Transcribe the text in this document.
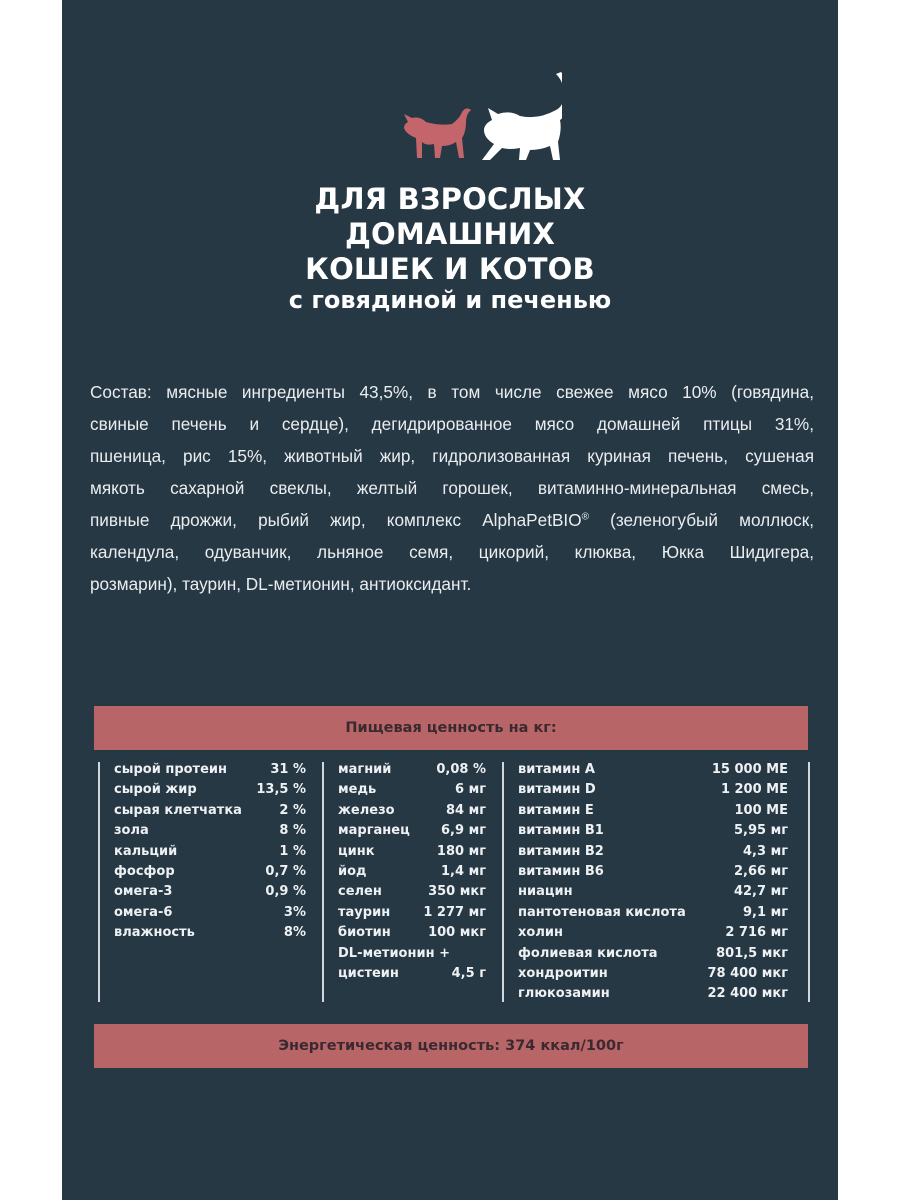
ДЛЯ ВЗРОСЛЫХ
ДОМАШНИХ
КОШЕК И КОТОВ
с говядиной и печенью
Состав: мясные ингредиенты 43,5%, в том числе свежее мясо 10% (говядина,
свиные печень и сердце), дегидрированное мясо домашней птицы 31%,
пшеница, рис 15%, животный жир, гидролизованная куриная печень, сушеная
мякоть сахарной свеклы, желтый горошек, витаминно-минеральная смесь,
пивные дрожжи, рыбий жир, комплекс AlphaPetBIO® (зеленогубый моллюск,
календула, одуванчик, льняное семя, цикорий, клюква, Юкка Шидигера,
розмарин), таурин, DL-метионин, антиоксидант.
Пищевая ценность на кг:
сырой протеин	31 %
сырой жир	13,5 %
сырая клетчатка	2 %
зола	8 %
кальций	1 %
фосфор	0,7 %
омега-3	0,9 %
омега-6	3%
влажность	8%
магний	0,08 %
медь	6 мг
железо	84 мг
марганец 6,9 мг
цинк	180 мг
йод	1,4 мг
селен	350 мкг
таурин	1 277 мг
биотин	100 мкг
DL-метионин +
цистеин	4,5 г
витамин А	15 000 МЕ
витамин D	1 200 МЕ
витамин Е	100 МЕ
витамин В1	5,95 мг
витамин В2	4,3 мг
витамин В6	2,66 мг
ниацин	42,7 мг
пантотеновая кислота	9,1 мг
холин	2 716 мг
фолиевая кислота	801,5 мкг
хондроитин	78 400 мкг
глюкозамин	22 400 мкг
Энергетическая ценность: 374 ккал/100г
